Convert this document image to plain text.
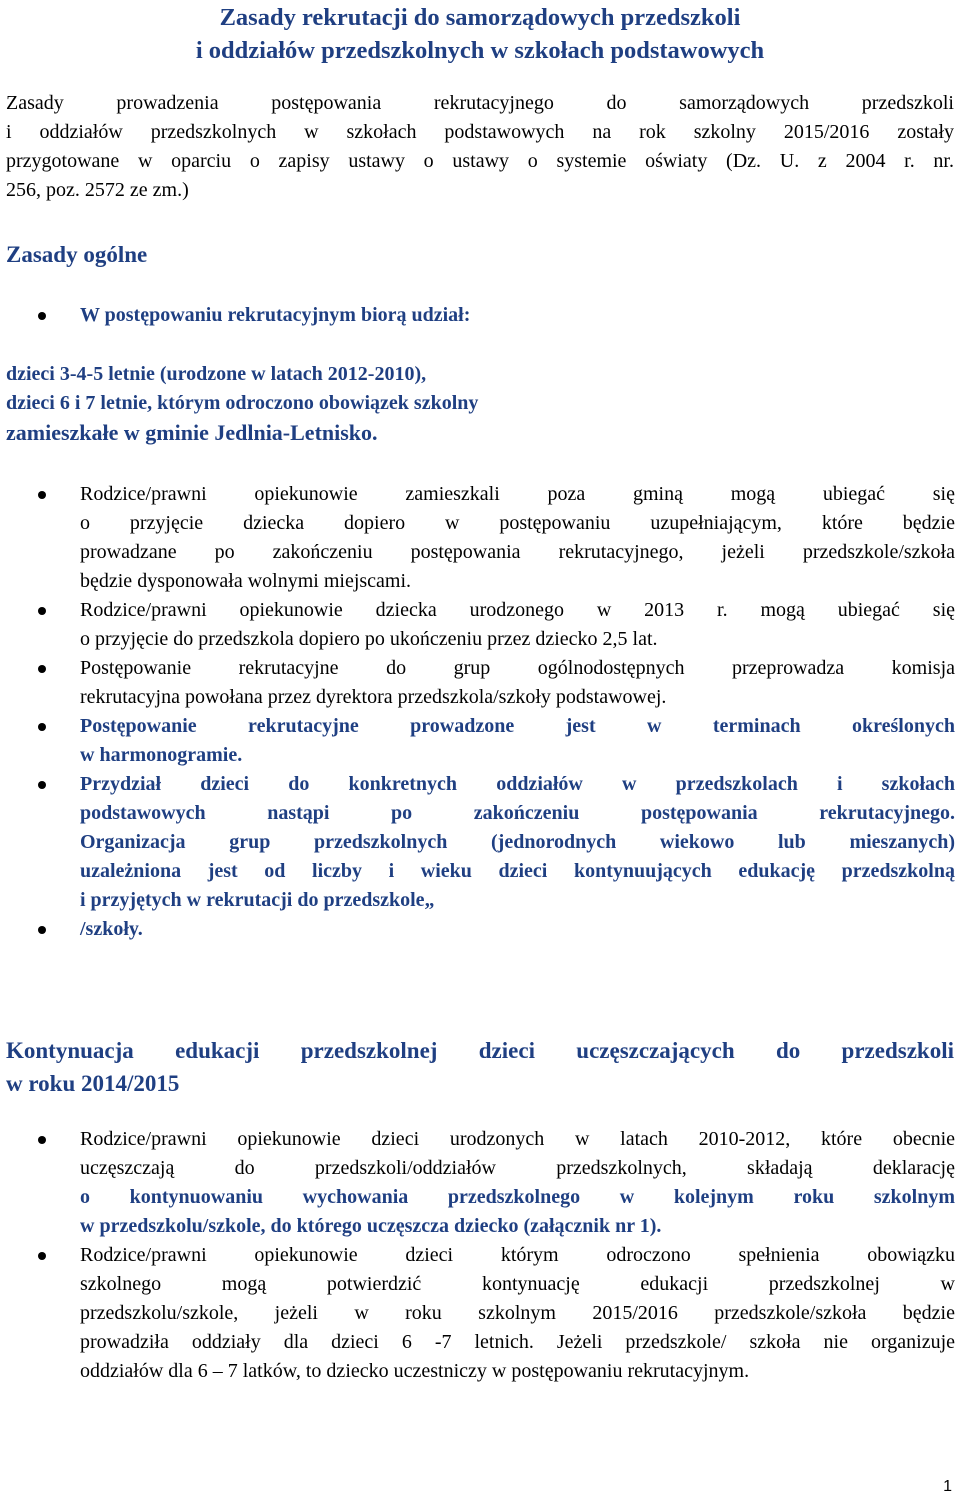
Zasady rekrutacji do samorządowych przedszkoli
i oddziałów przedszkolnych w szkołach podstawowych
Zasady prowadzenia postępowania rekrutacyjnego do samorządowych przedszkoli
i oddziałów przedszkolnych w szkołach podstawowych na rok szkolny 2015/2016 zostały
przygotowane w oparciu o zapisy ustawy o ustawy o systemie oświaty (Dz. U. z 2004 r. nr.
256, poz. 2572 ze zm.)
Zasady ogólne
W postępowaniu rekrutacyjnym biorą udział:
dzieci 3-4-5 letnie (urodzone w latach 2012-2010),
dzieci 6 i 7 letnie, którym odroczono obowiązek szkolny
zamieszkałe w gminie Jedlnia-Letnisko.
Rodzice/prawni opiekunowie zamieszkali poza gminą mogą ubiegać się
o przyjęcie dziecka dopiero w postępowaniu uzupełniającym, które będzie
prowadzane po zakończeniu postępowania rekrutacyjnego, jeżeli przedszkole/szkoła
będzie dysponowała wolnymi miejscami.
Rodzice/prawni opiekunowie dziecka urodzonego w 2013 r. mogą ubiegać się
o przyjęcie do przedszkola dopiero po ukończeniu przez dziecko 2,5 lat.
Postępowanie rekrutacyjne do grup ogólnodostępnych przeprowadza komisja
rekrutacyjna powołana przez dyrektora przedszkola/szkoły podstawowej.
Postępowanie rekrutacyjne prowadzone jest w terminach określonych
w harmonogramie.
Przydział dzieci do konkretnych oddziałów w przedszkolach i szkołach
podstawowych nastąpi po zakończeniu postępowania rekrutacyjnego.
Organizacja grup przedszkolnych (jednorodnych wiekowo lub mieszanych)
uzależniona jest od liczby i wieku dzieci kontynuujących edukację przedszkolną
i przyjętych w rekrutacji do przedszkole„
/szkoły.
Kontynuacja edukacji przedszkolnej dzieci uczęszczających do przedszkoli
w roku 2014/2015
Rodzice/prawni opiekunowie dzieci urodzonych w latach 2010-2012, które obecnie
uczęszczają do przedszkoli/oddziałów przedszkolnych, składają deklarację
o kontynuowaniu wychowania przedszkolnego w kolejnym roku szkolnym
w przedszkolu/szkole, do którego uczęszcza dziecko (załącznik nr 1).
Rodzice/prawni opiekunowie dzieci którym odroczono spełnienia obowiązku
szkolnego mogą potwierdzić kontynuację edukacji przedszkolnej w
przedszkolu/szkole, jeżeli w roku szkolnym 2015/2016 przedszkole/szkoła będzie
prowadziła oddziały dla dzieci 6 -7 letnich. Jeżeli przedszkole/ szkoła nie organizuje
oddziałów dla 6 – 7 latków, to dziecko uczestniczy w postępowaniu rekrutacyjnym.
1
